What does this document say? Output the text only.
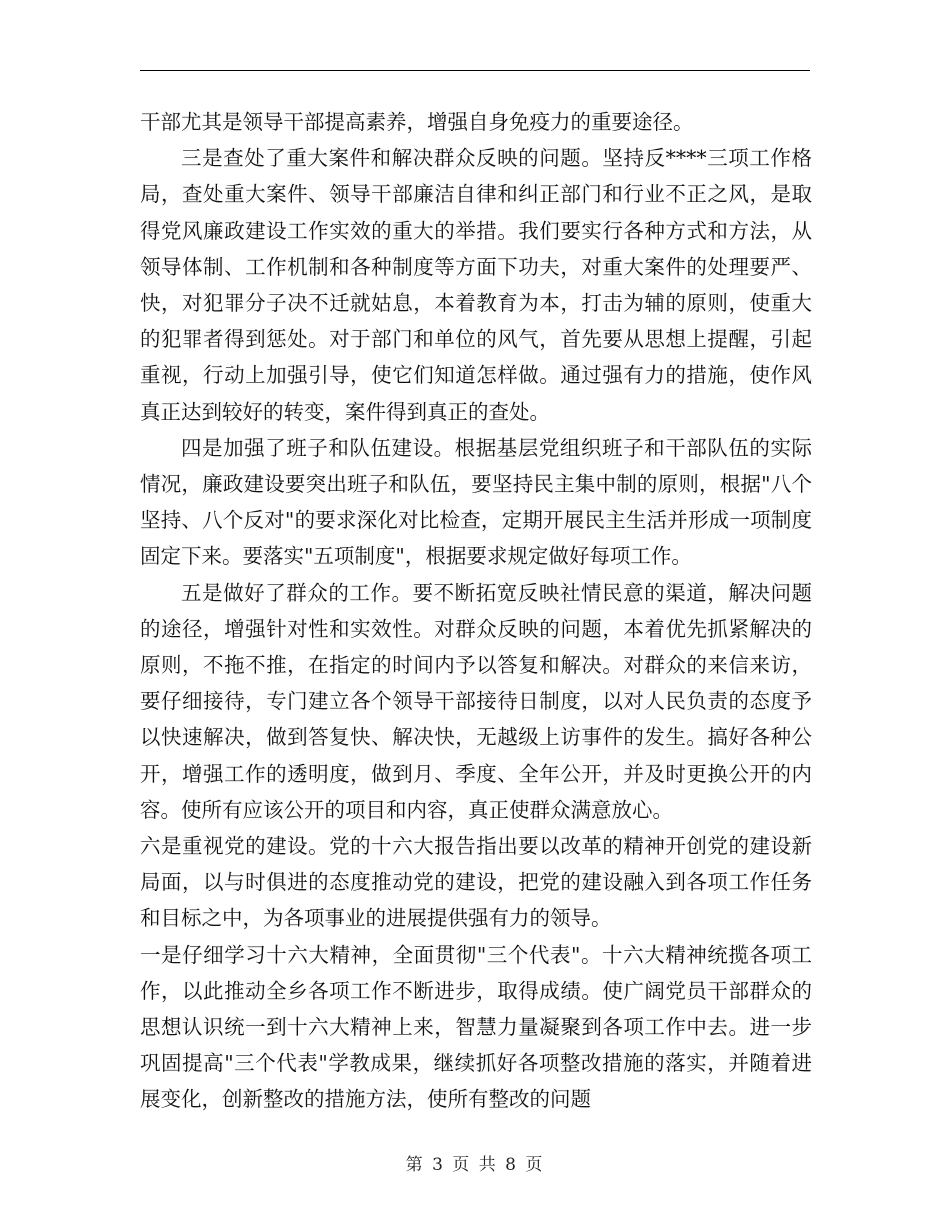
干部尤其是领导干部提高素养，增强自身免疫力的重要途径。

三是查处了重大案件和解决群众反映的问题。坚持反****三项工作格局，查处重大案件、领导干部廉洁自律和纠正部门和行业不正之风，是取得党风廉政建设工作实效的重大的举措。我们要实行各种方式和方法，从领导体制、工作机制和各种制度等方面下功夫，对重大案件的处理要严、快，对犯罪分子决不迁就姑息，本着教育为本，打击为辅的原则，使重大的犯罪者得到惩处。对于部门和单位的风气，首先要从思想上提醒，引起重视，行动上加强引导，使它们知道怎样做。通过强有力的措施，使作风真正达到较好的转变，案件得到真正的查处。

四是加强了班子和队伍建设。根据基层党组织班子和干部队伍的实际情况，廉政建设要突出班子和队伍，要坚持民主集中制的原则，根据"八个坚持、八个反对"的要求深化对比检查，定期开展民主生活并形成一项制度固定下来。要落实"五项制度"，根据要求规定做好每项工作。

五是做好了群众的工作。要不断拓宽反映社情民意的渠道，解决问题的途径，增强针对性和实效性。对群众反映的问题，本着优先抓紧解决的原则，不拖不推，在指定的时间内予以答复和解决。对群众的来信来访，要仔细接待，专门建立各个领导干部接待日制度，以对人民负责的态度予以快速解决，做到答复快、解决快，无越级上访事件的发生。搞好各种公开，增强工作的透明度，做到月、季度、全年公开，并及时更换公开的内容。使所有应该公开的项目和内容，真正使群众满意放心。

六是重视党的建设。党的十六大报告指出要以改革的精神开创党的建设新局面，以与时俱进的态度推动党的建设，把党的建设融入到各项工作任务和目标之中，为各项事业的进展提供强有力的领导。

一是仔细学习十六大精神，全面贯彻"三个代表"。十六大精神统揽各项工作，以此推动全乡各项工作不断进步，取得成绩。使广阔党员干部群众的思想认识统一到十六大精神上来，智慧力量凝聚到各项工作中去。进一步巩固提高"三个代表"学教成果，继续抓好各项整改措施的落实，并随着进展变化，创新整改的措施方法，使所有整改的问题

第 3 页 共 8 页
